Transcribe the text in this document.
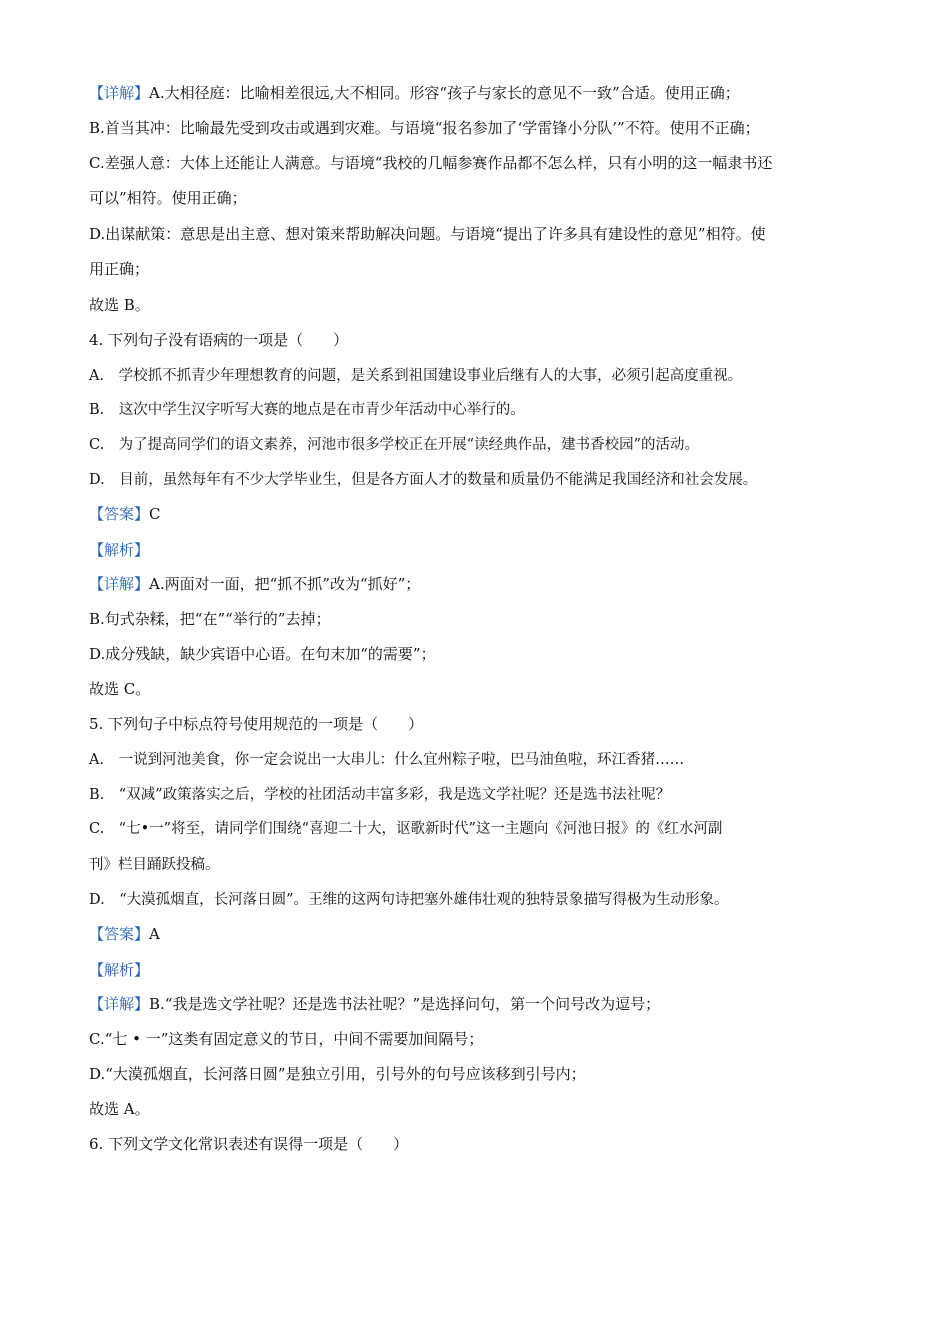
【详解】A.大相径庭：比喻相差很远,大不相同。形容“孩子与家长的意见不一致”合适。使用正确；
B.首当其冲：比喻最先受到攻击或遇到灾难。与语境“报名参加了‘学雷锋小分队’”不符。使用不正确；
C.差强人意：大体上还能让人满意。与语境“我校的几幅参赛作品都不怎么样，只有小明的这一幅隶书还
可以”相符。使用正确；
D.出谋献策：意思是出主意、想对策来帮助解决问题。与语境“提出了许多具有建设性的意见”相符。使
用正确；
故选 B。
4. 下列句子没有语病的一项是（　　）
A.　学校抓不抓青少年理想教育的问题，是关系到祖国建设事业后继有人的大事，必须引起高度重视。
B.　这次中学生汉字听写大赛的地点是在市青少年活动中心举行的。
C.　为了提高同学们的语文素养，河池市很多学校正在开展“读经典作品，建书香校园”的活动。
D.　目前，虽然每年有不少大学毕业生，但是各方面人才的数量和质量仍不能满足我国经济和社会发展。
【答案】C
【解析】
【详解】A.两面对一面，把“抓不抓”改为“抓好”；
B.句式杂糅，把“在”“举行的”去掉；
D.成分残缺，缺少宾语中心语。在句末加“的需要”；
故选 C。
5. 下列句子中标点符号使用规范的一项是（　　）
A.　一说到河池美食，你一定会说出一大串儿：什么宜州粽子啦，巴马油鱼啦，环江香猪……
B.　“双减”政策落实之后，学校的社团活动丰富多彩，我是选文学社呢？还是选书法社呢？
C.　“七•一”将至，请同学们围绕“喜迎二十大，讴歌新时代”这一主题向《河池日报》的《红水河副
刊》栏目踊跃投稿。
D.　“大漠孤烟直，长河落日圆”。王维的这两句诗把塞外雄伟壮观的独特景象描写得极为生动形象。
【答案】A
【解析】
【详解】B.“我是选文学社呢？还是选书法社呢？”是选择问句，第一个问号改为逗号；
C.“七 • 一”这类有固定意义的节日，中间不需要加间隔号；
D.“大漠孤烟直，长河落日圆”是独立引用，引号外的句号应该移到引号内；
故选 A。
6. 下列文学文化常识表述有误得一项是（　　）
